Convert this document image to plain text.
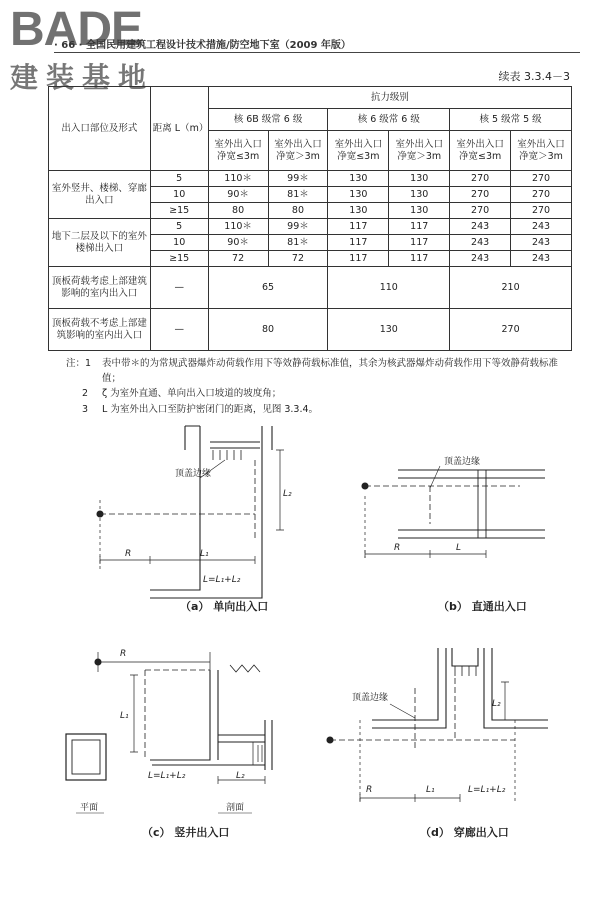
BADE
建装基地
· 66 · 全国民用建筑工程设计技术措施/防空地下室（2009 年版）
续表 3.3.4－3
出入口部位及形式	距离 L（m）	抗力级别					
		核 6B 级常 6 级		核 6 级常 6 级		核 5 级常 5 级	
		室外出入口 净宽≤3m	室外出入口 净宽＞3m	室外出入口 净宽≤3m	室外出入口 净宽＞3m	室外出入口 净宽≤3m	室外出入口 净宽＞3m
室外竖井、楼梯、穿廊出入口	5	110＊	99＊	130	130	270	270
	10	90＊	81＊	130	130	270	270
	≥15	80	80	130	130	270	270
地下二层及以下的室外楼梯出入口	5	110＊	99＊	117	117	243	243
	10	90＊	81＊	117	117	243	243
	≥15	72	72	117	117	243	243
顶板荷载考虑上部建筑影响的室内出入口	—	65		110		210	
顶板荷载不考虑上部建筑影响的室内出入口	—	80		130		270	
注：1	表中带＊的为常规武器爆炸动荷载作用下等效静荷载标准值，其余为核武器爆炸动荷载作用下等效静荷载标准值；
2	ζ 为室外直通、单向出入口坡道的坡度角；
3	L 为室外出入口至防护密闭门的距离，见图 3.3.4。
顶盖边缘
R	L₁
L₂
L=L₁+L₂
顶盖边缘
R	L
（a） 单向出入口	（b） 直通出入口
R
L₁
L₂
L=L₁+L₂
平面	剖面
顶盖边缘
R	L₁
L₂
L=L₁+L₂
（c） 竖井出入口	（d） 穿廊出入口
